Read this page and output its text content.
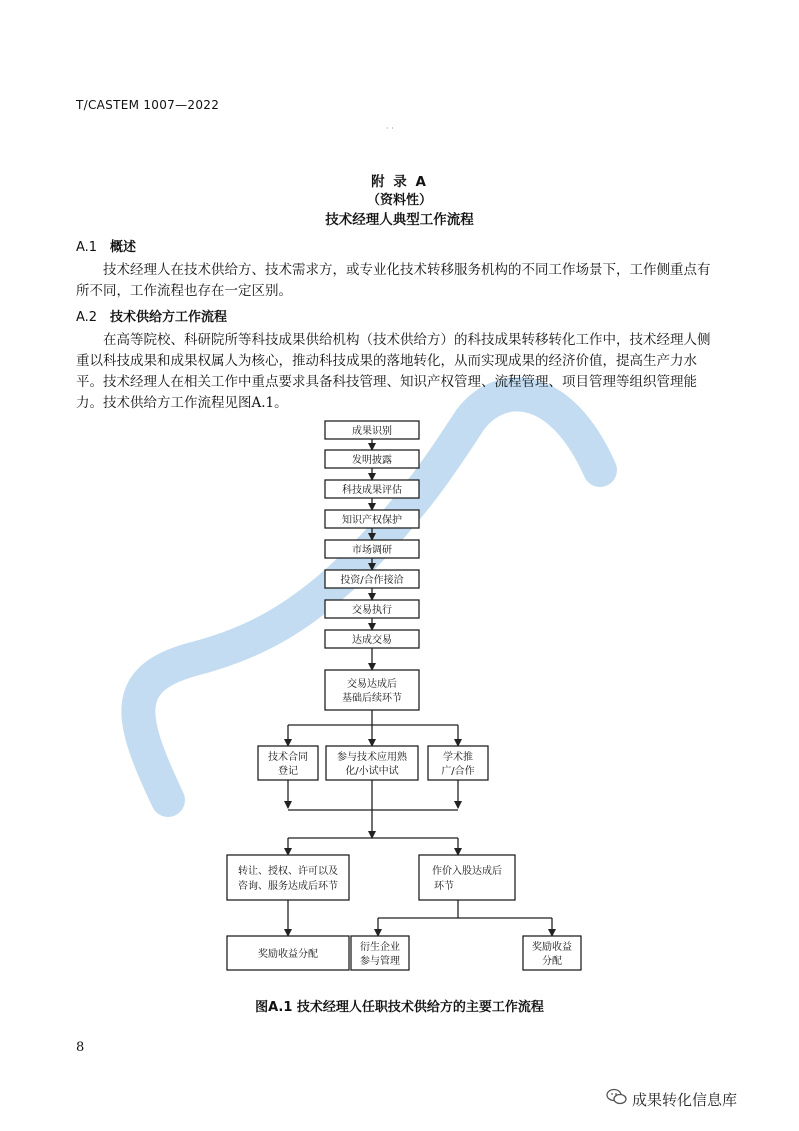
T/CASTEM 1007—2022
· ·
附 录 A
（资料性）
技术经理人典型工作流程
A.1 概述
技术经理人在技术供给方、技术需求方，或专业化技术转移服务机构的不同工作场景下，工作侧重点有所不同，工作流程也存在一定区别。
A.2 技术供给方工作流程
在高等院校、科研院所等科技成果供给机构（技术供给方）的科技成果转移转化工作中，技术经理人侧重以科技成果和成果权属人为核心，推动科技成果的落地转化，从而实现成果的经济价值，提高生产力水平。技术经理人在相关工作中重点要求具备科技管理、知识产权管理、流程管理、项目管理等组织管理能力。技术供给方工作流程见图A.1。
成果识别
发明披露
科技成果评估
知识产权保护
市场调研
投资/合作接洽
交易执行
达成交易
交易达成后
基础后续环节
技术合同
登记
参与技术应用熟
化/小试中试
学术推
广/合作
转让、授权、许可以及
咨询、服务达成后环节
作价入股达成后
环节
奖励收益分配
衍生企业
参与管理
奖励收益
分配
图A.1 技术经理人任职技术供给方的主要工作流程
8
成果转化信息库
